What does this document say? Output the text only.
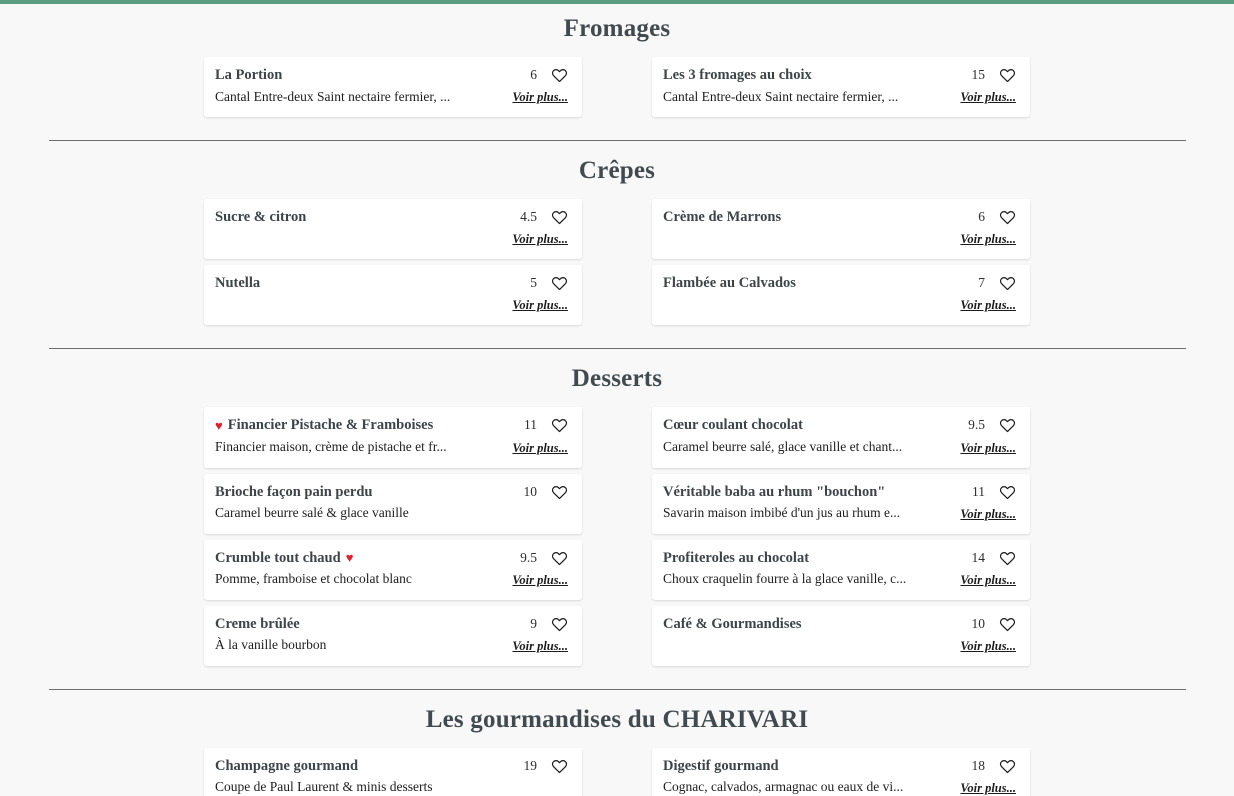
Fromages
La Portion	6
Cantal Entre-deux Saint nectaire fermier, ...	Voir plus...
Les 3 fromages au choix	15
Cantal Entre-deux Saint nectaire fermier, ...	Voir plus...
Crêpes
Sucre & citron	4.5
Voir plus...
Nutella	5
Voir plus...
Crème de Marrons	6
Voir plus...
Flambée au Calvados	7
Voir plus...
Desserts
♥ Financier Pistache & Framboises	11
Financier maison, crème de pistache et fr...	Voir plus...
Brioche façon pain perdu	10
Caramel beurre salé & glace vanille
Crumble tout chaud ♥	9.5
Pomme, framboise et chocolat blanc	Voir plus...
Creme brûlée	9
À la vanille bourbon	Voir plus...
Cœur coulant chocolat	9.5
Caramel beurre salé, glace vanille et chant...	Voir plus...
Véritable baba au rhum "bouchon"	11
Savarin maison imbibé d'un jus au rhum e...	Voir plus...
Profiteroles au chocolat	14
Choux craquelin fourre à la glace vanille, c...	Voir plus...
Café & Gourmandises	10
Voir plus...
Les gourmandises du CHARIVARI
Champagne gourmand	19
Coupe de Paul Laurent & minis desserts
Digestif gourmand	18
Cognac, calvados, armagnac ou eaux de vi...	Voir plus...
